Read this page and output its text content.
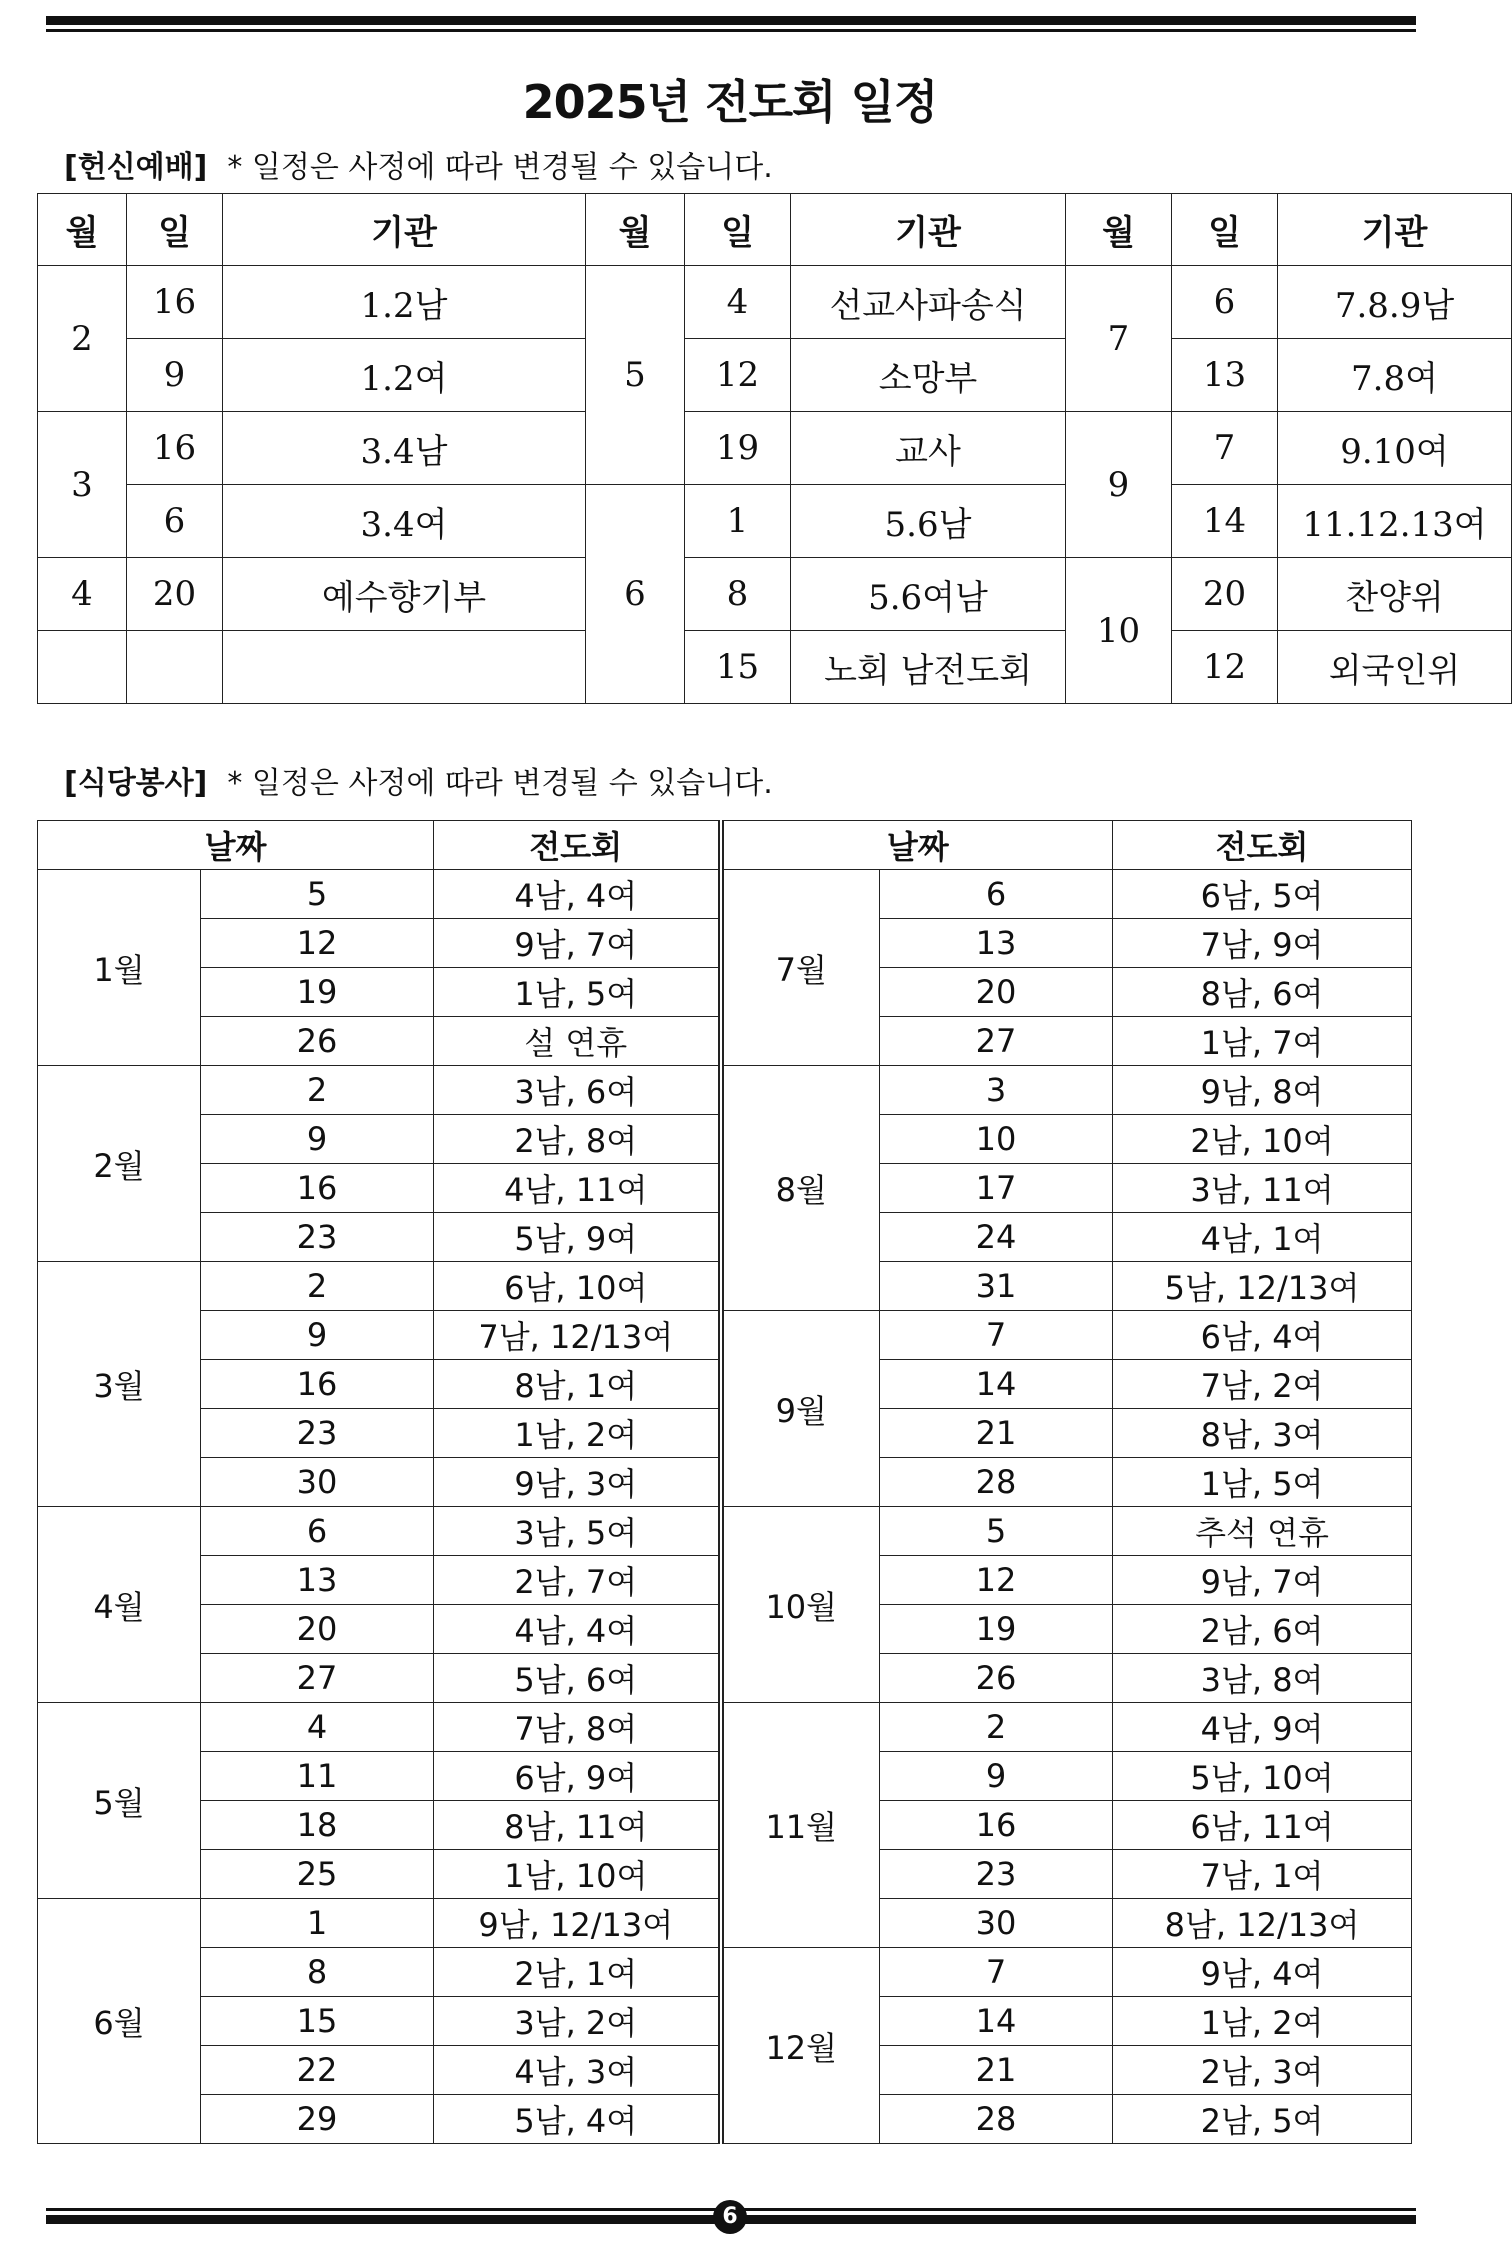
2025년 전도회 일정
[헌신예배] * 일정은 사정에 따라 변경될 수 있습니다.
월	일	기관	월	일	기관	월	일	기관
2	16	1.2남	5	4	선교사파송식	7	6	7.8.9남
	9	1.2여		12	소망부		13	7.8여
3	16	3.4남		19	교사	9	7	9.10여
	6	3.4여	6	1	5.6남		14	11.12.13여
4	20	예수향기부		8	5.6여남	10	20	찬양위
				15	노회 남전도회		12	외국인위
[식당봉사] * 일정은 사정에 따라 변경될 수 있습니다.
날짜		전도회	날짜		전도회
1월	5	4남, 4여	7월	6	6남, 5여
	12	9남, 7여		13	7남, 9여
	19	1남, 5여		20	8남, 6여
	26	설 연휴		27	1남, 7여
2월	2	3남, 6여	8월	3	9남, 8여
	9	2남, 8여		10	2남, 10여
	16	4남, 11여		17	3남, 11여
	23	5남, 9여		24	4남, 1여
3월	2	6남, 10여		31	5남, 12/13여
	9	7남, 12/13여	9월	7	6남, 4여
	16	8남, 1여		14	7남, 2여
	23	1남, 2여		21	8남, 3여
	30	9남, 3여		28	1남, 5여
4월	6	3남, 5여	10월	5	추석 연휴
	13	2남, 7여		12	9남, 7여
	20	4남, 4여		19	2남, 6여
	27	5남, 6여		26	3남, 8여
5월	4	7남, 8여	11월	2	4남, 9여
	11	6남, 9여		9	5남, 10여
	18	8남, 11여		16	6남, 11여
	25	1남, 10여		23	7남, 1여
6월	1	9남, 12/13여		30	8남, 12/13여
	8	2남, 1여	12월	7	9남, 4여
	15	3남, 2여		14	1남, 2여
	22	4남, 3여		21	2남, 3여
	29	5남, 4여		28	2남, 5여
6
